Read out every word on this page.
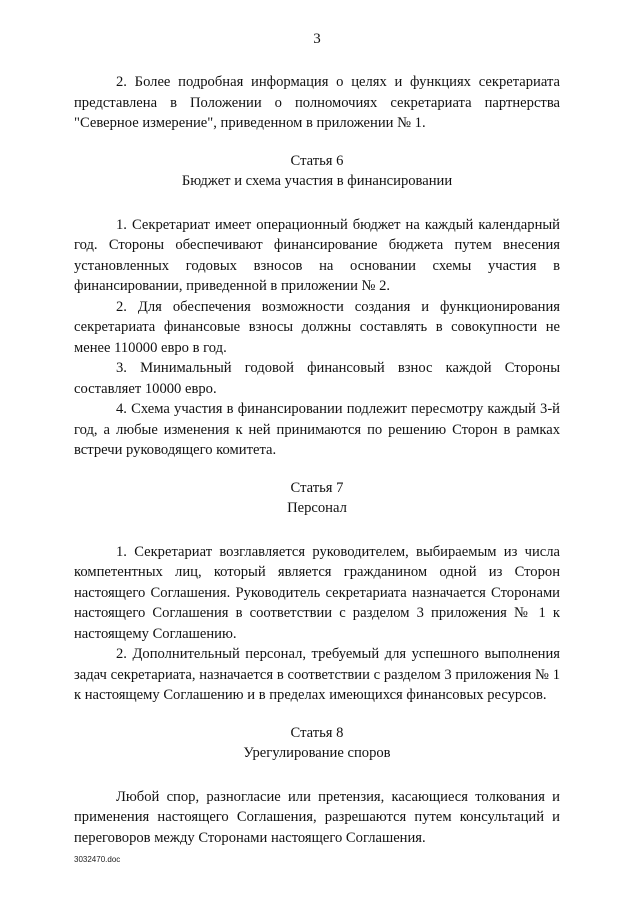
3

2. Более подробная информация о целях и функциях секретариата представлена в Положении о полномочиях секретариата партнерства "Северное измерение", приведенном в приложении № 1.

Статья 6
Бюджет и схема участия в финансировании

1. Секретариат имеет операционный бюджет на каждый календарный год. Стороны обеспечивают финансирование бюджета путем внесения установленных годовых взносов на основании схемы участия в финансировании, приведенной в приложении № 2.

2. Для обеспечения возможности создания и функционирования секретариата финансовые взносы должны составлять в совокупности не менее 110000 евро в год.

3. Минимальный годовой финансовый взнос каждой Стороны составляет 10000 евро.

4. Схема участия в финансировании подлежит пересмотру каждый 3-й год, а любые изменения к ней принимаются по решению Сторон в рамках встречи руководящего комитета.

Статья 7
Персонал

1. Секретариат возглавляется руководителем, выбираемым из числа компетентных лиц, который является гражданином одной из Сторон настоящего Соглашения. Руководитель секретариата назначается Сторонами настоящего Соглашения в соответствии с разделом 3 приложения № 1 к настоящему Соглашению.

2. Дополнительный персонал, требуемый для успешного выполнения задач секретариата, назначается в соответствии с разделом 3 приложения № 1 к настоящему Соглашению и в пределах имеющихся финансовых ресурсов.

Статья 8
Урегулирование споров

Любой спор, разногласие или претензия, касающиеся толкования и применения настоящего Соглашения, разрешаются путем консультаций и переговоров между Сторонами настоящего Соглашения.

3032470.doc
